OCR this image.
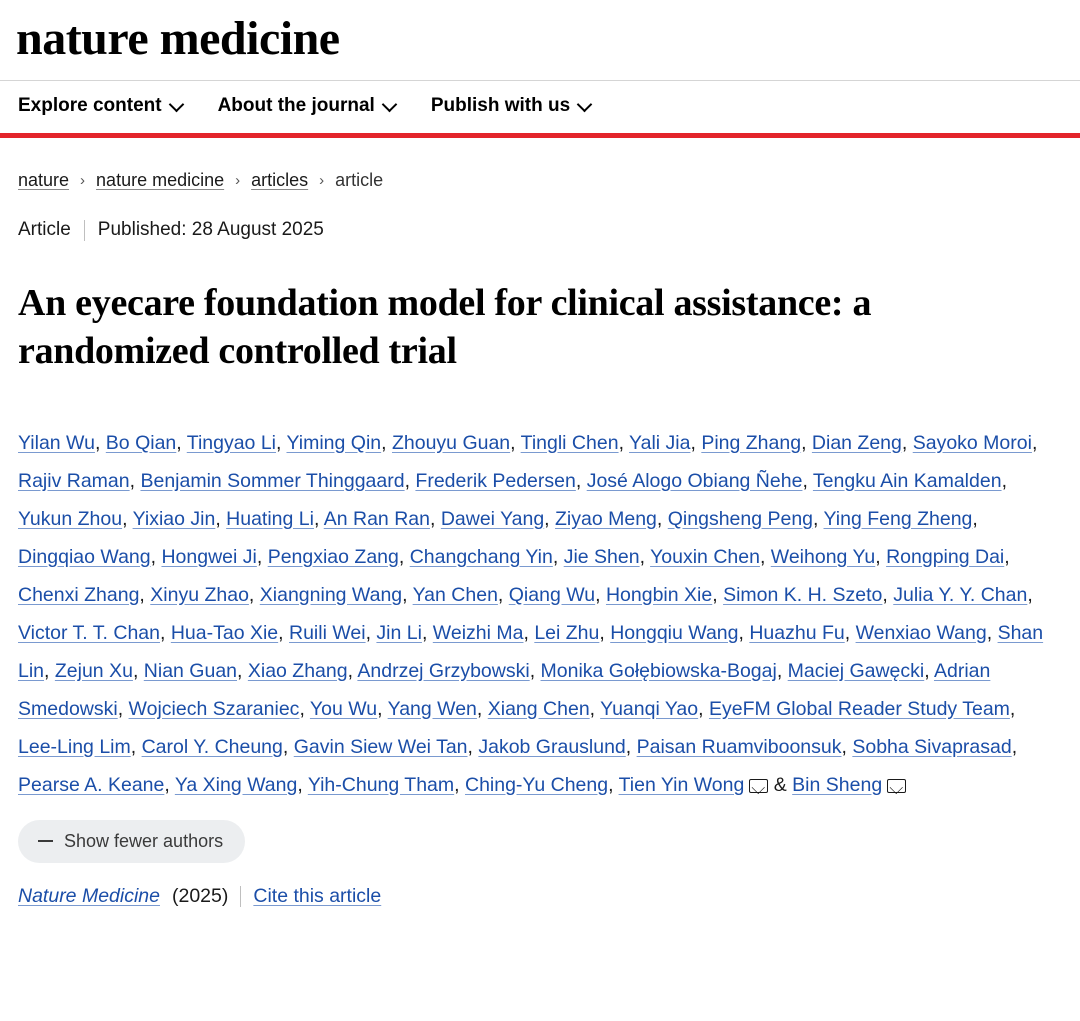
nature medicine
Explore content	About the journal	Publish with us
nature › nature medicine › articles › article
Article Published: 28 August 2025
An eyecare foundation model for clinical assistance: a randomized controlled trial
Yilan Wu, Bo Qian, Tingyao Li, Yiming Qin, Zhouyu Guan, Tingli Chen, Yali Jia, Ping Zhang, Dian Zeng, Sayoko Moroi, Rajiv Raman, Benjamin Sommer Thinggaard, Frederik Pedersen, José Alogo Obiang Ñehe, Tengku Ain Kamalden, Yukun Zhou, Yixiao Jin, Huating Li, An Ran Ran, Dawei Yang, Ziyao Meng, Qingsheng Peng, Ying Feng Zheng, Dingqiao Wang, Hongwei Ji, Pengxiao Zang, Changchang Yin, Jie Shen, Youxin Chen, Weihong Yu, Rongping Dai, Chenxi Zhang, Xinyu Zhao, Xiangning Wang, Yan Chen, Qiang Wu, Hongbin Xie, Simon K. H. Szeto, Julia Y. Y. Chan, Victor T. T. Chan, Hua-Tao Xie, Ruili Wei, Jin Li, Weizhi Ma, Lei Zhu, Hongqiu Wang, Huazhu Fu, Wenxiao Wang, Shan Lin, Zejun Xu, Nian Guan, Xiao Zhang, Andrzej Grzybowski, Monika Gołębiowska-Bogaj, Maciej Gawęcki, Adrian Smedowski, Wojciech Szaraniec, You Wu, Yang Wen, Xiang Chen, Yuanqi Yao, EyeFM Global Reader Study Team, Lee-Ling Lim, Carol Y. Cheung, Gavin Siew Wei Tan, Jakob Grauslund, Paisan Ruamviboonsuk, Sobha Sivaprasad, Pearse A. Keane, Ya Xing Wang, Yih-Chung Tham, Ching-Yu Cheng, Tien Yin Wong & Bin Sheng
Show fewer authors
Nature Medicine (2025) Cite this article
